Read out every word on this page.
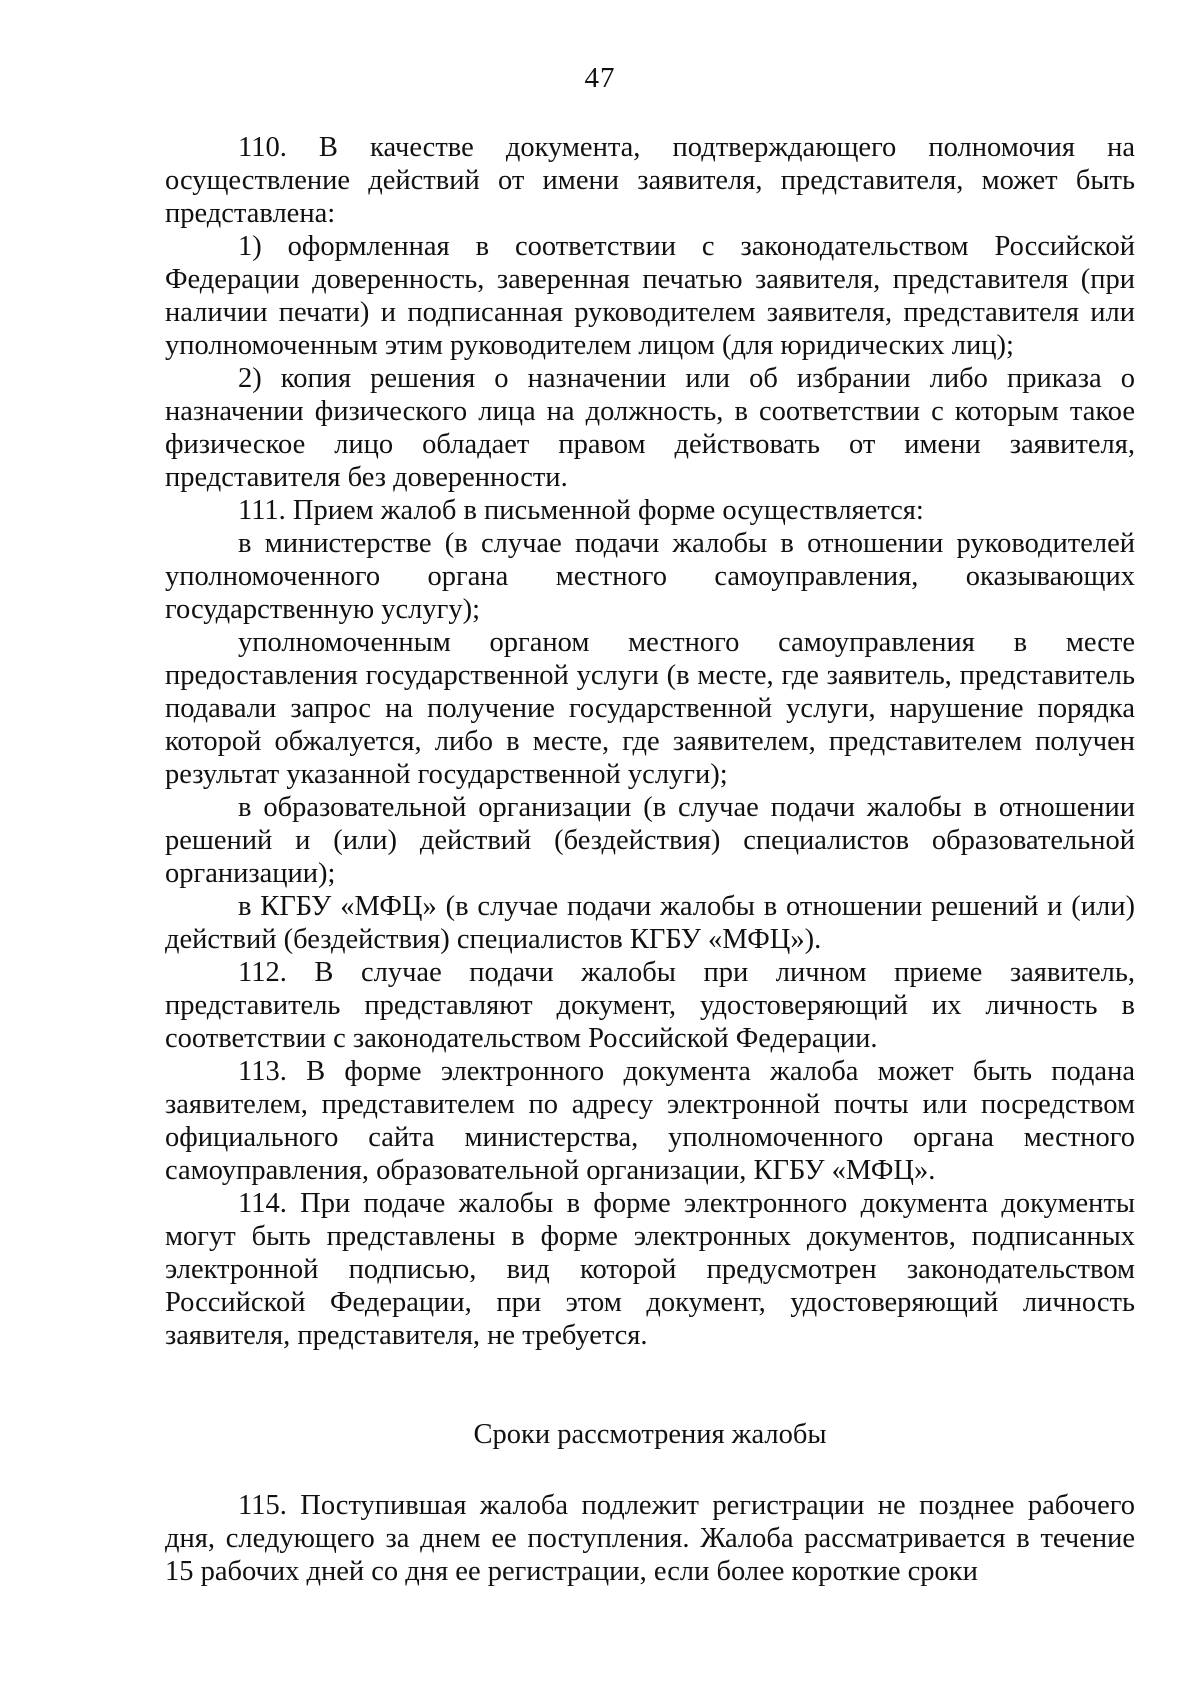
47

110. В качестве документа, подтверждающего полномочия на осуществление действий от имени заявителя, представителя, может быть представлена:

1) оформленная в соответствии с законодательством Российской Федерации доверенность, заверенная печатью заявителя, представителя (при наличии печати) и подписанная руководителем заявителя, представителя или уполномоченным этим руководителем лицом (для юридических лиц);

2) копия решения о назначении или об избрании либо приказа о назначении физического лица на должность, в соответствии с которым такое физическое лицо обладает правом действовать от имени заявителя, представителя без доверенности.

111. Прием жалоб в письменной форме осуществляется:

в министерстве (в случае подачи жалобы в отношении руководителей уполномоченного органа местного самоуправления, оказывающих государственную услугу);

уполномоченным органом местного самоуправления в месте предоставления государственной услуги (в месте, где заявитель, представитель подавали запрос на получение государственной услуги, нарушение порядка которой обжалуется, либо в месте, где заявителем, представителем получен результат указанной государственной услуги);

в образовательной организации (в случае подачи жалобы в отношении решений и (или) действий (бездействия) специалистов образовательной организации);

в КГБУ «МФЦ» (в случае подачи жалобы в отношении решений и (или) действий (бездействия) специалистов КГБУ «МФЦ»).

112. В случае подачи жалобы при личном приеме заявитель, представитель представляют документ, удостоверяющий их личность в соответствии с законодательством Российской Федерации.

113. В форме электронного документа жалоба может быть подана заявителем, представителем по адресу электронной почты или посредством официального сайта министерства, уполномоченного органа местного самоуправления, образовательной организации, КГБУ «МФЦ».

114. При подаче жалобы в форме электронного документа документы могут быть представлены в форме электронных документов, подписанных электронной подписью, вид которой предусмотрен законодательством Российской Федерации, при этом документ, удостоверяющий личность заявителя, представителя, не требуется.

Сроки рассмотрения жалобы

115. Поступившая жалоба подлежит регистрации не позднее рабочего дня, следующего за днем ее поступления. Жалоба рассматривается в течение 15 рабочих дней со дня ее регистрации, если более короткие сроки
